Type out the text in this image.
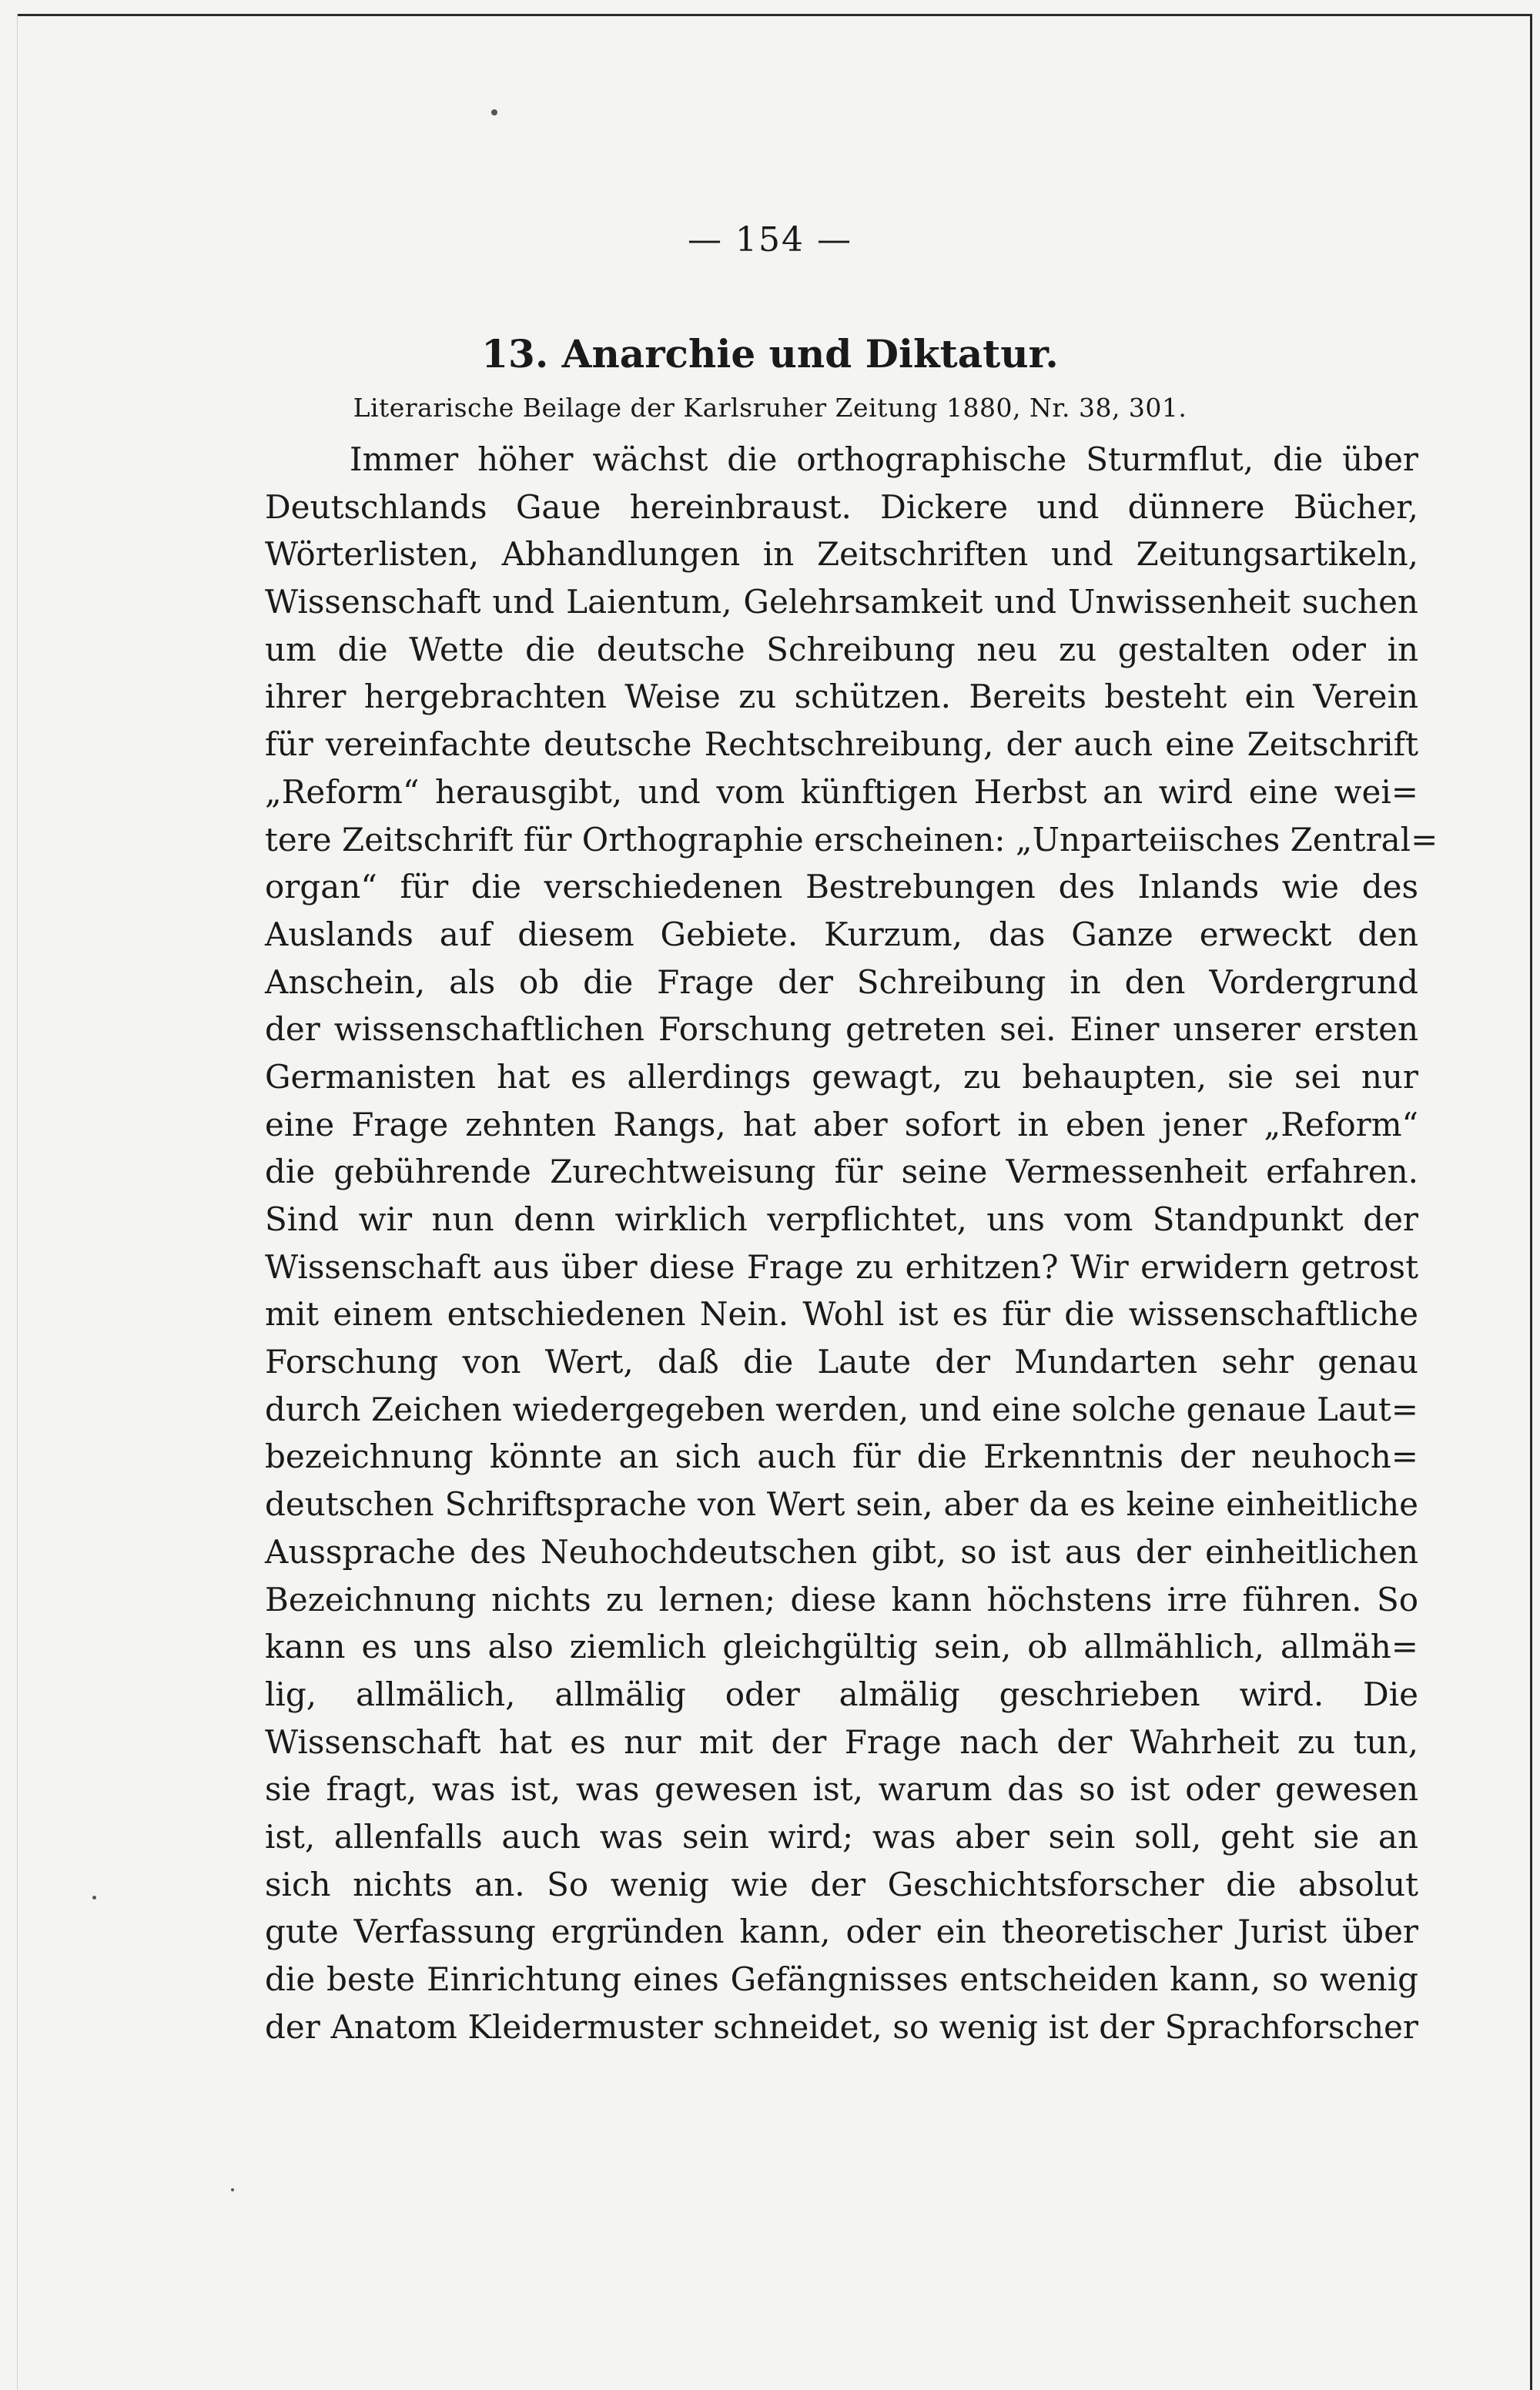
— 154 —
13. Anarchie und Diktatur.
Literarische Beilage der Karlsruher Zeitung 1880, Nr. 38, 301.
Immer höher wächst die orthographische Sturmflut, die über
Deutschlands Gaue hereinbraust. Dickere und dünnere Bücher,
Wörterlisten, Abhandlungen in Zeitschriften und Zeitungsartikeln,
Wissenschaft und Laientum, Gelehrsamkeit und Unwissenheit suchen
um die Wette die deutsche Schreibung neu zu gestalten oder in
ihrer hergebrachten Weise zu schützen. Bereits besteht ein Verein
für vereinfachte deutsche Rechtschreibung, der auch eine Zeitschrift
„Reform“ herausgibt, und vom künftigen Herbst an wird eine wei=
tere Zeitschrift für Orthographie erscheinen: „Unparteiisches Zentral=
organ“ für die verschiedenen Bestrebungen des Inlands wie des
Auslands auf diesem Gebiete. Kurzum, das Ganze erweckt den
Anschein, als ob die Frage der Schreibung in den Vordergrund
der wissenschaftlichen Forschung getreten sei. Einer unserer ersten
Germanisten hat es allerdings gewagt, zu behaupten, sie sei nur
eine Frage zehnten Rangs, hat aber sofort in eben jener „Reform“
die gebührende Zurechtweisung für seine Vermessenheit erfahren.
Sind wir nun denn wirklich verpflichtet, uns vom Standpunkt der
Wissenschaft aus über diese Frage zu erhitzen? Wir erwidern getrost
mit einem entschiedenen Nein. Wohl ist es für die wissenschaftliche
Forschung von Wert, daß die Laute der Mundarten sehr genau
durch Zeichen wiedergegeben werden, und eine solche genaue Laut=
bezeichnung könnte an sich auch für die Erkenntnis der neuhoch=
deutschen Schriftsprache von Wert sein, aber da es keine einheitliche
Aussprache des Neuhochdeutschen gibt, so ist aus der einheitlichen
Bezeichnung nichts zu lernen; diese kann höchstens irre führen. So
kann es uns also ziemlich gleichgültig sein, ob allmählich, allmäh=
lig, allmälich, allmälig oder almälig geschrieben wird. Die
Wissenschaft hat es nur mit der Frage nach der Wahrheit zu tun,
sie fragt, was ist, was gewesen ist, warum das so ist oder gewesen
ist, allenfalls auch was sein wird; was aber sein soll, geht sie an
sich nichts an. So wenig wie der Geschichtsforscher die absolut
gute Verfassung ergründen kann, oder ein theoretischer Jurist über
die beste Einrichtung eines Gefängnisses entscheiden kann, so wenig
der Anatom Kleidermuster schneidet, so wenig ist der Sprachforscher
